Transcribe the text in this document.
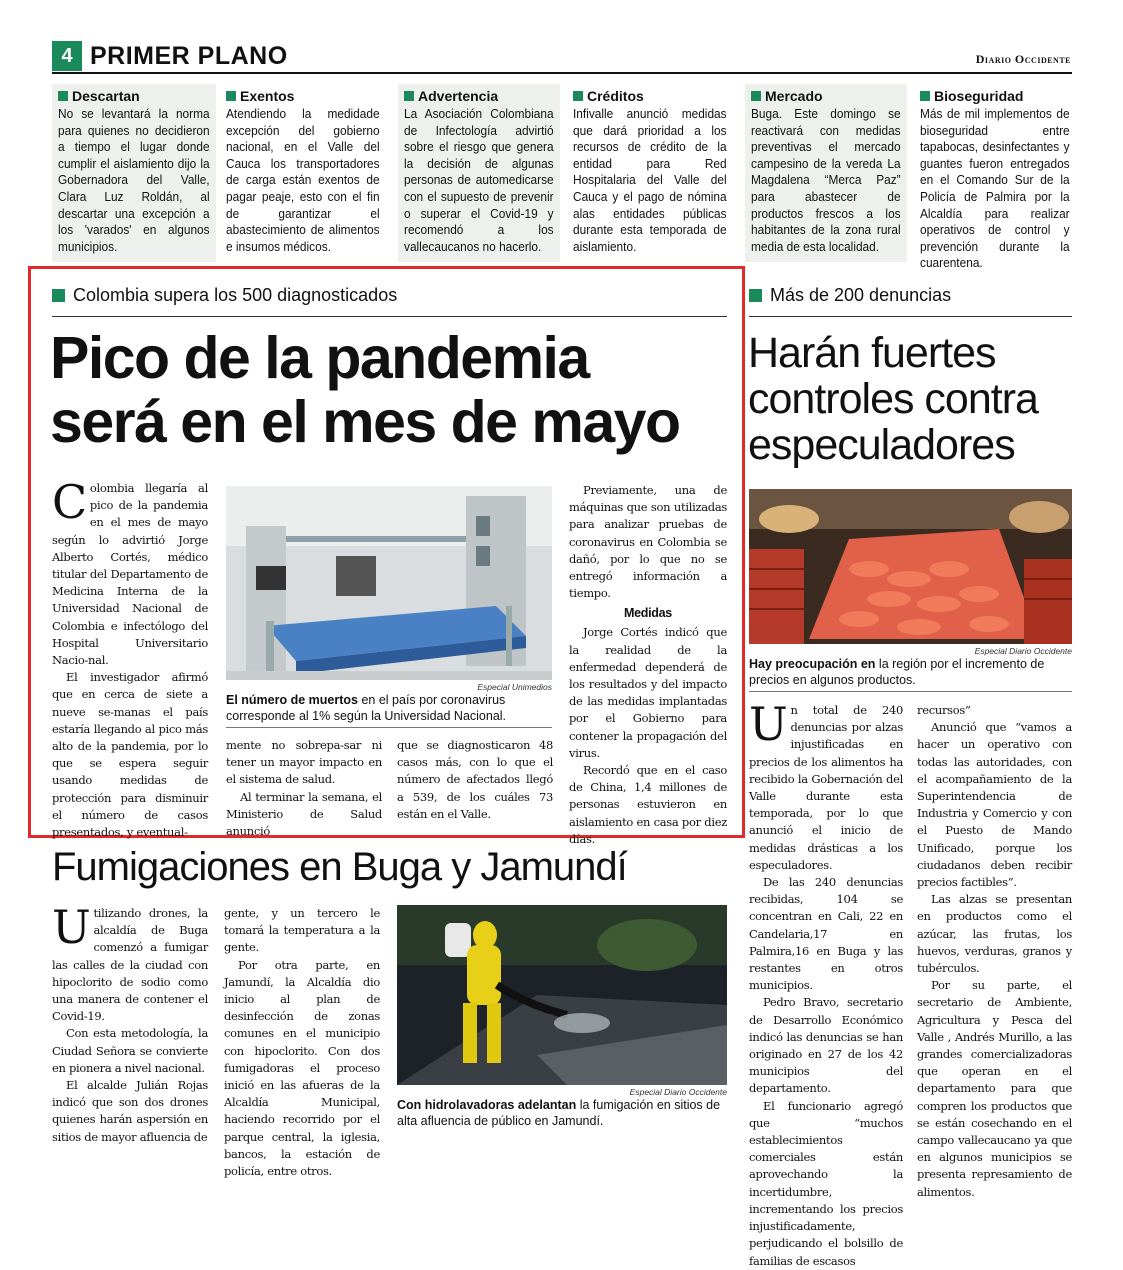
4 PRIMER PLANO	Diario Occidente
Descartan
No se levantará la norma para quienes no decidieron a tiempo el lugar donde cumplir el aislamiento dijo la Gobernadora del Valle, Clara Luz Roldán, al descartar una excepción a los 'varados' en algunos municipios.
Exentos
Atendiendo la medidade excepción del gobierno nacional, en el Valle del Cauca los transportadores de carga están exentos de pagar peaje, esto con el fin de garantizar el abastecimiento de alimentos e insumos médicos.
Advertencia
La Asociación Colombiana de Infectología advirtió sobre el riesgo que genera la decisión de algunas personas de automedicarse con el supuesto de prevenir o superar el Covid-19 y recomendó a los vallecaucanos no hacerlo.
Créditos
Infivalle anunció medidas que dará prioridad a los recursos de crédito de la entidad para Red Hospitalaria del Valle del Cauca y el pago de nómina alas entidades públicas durante esta temporada de aislamiento.
Mercado
Buga. Este domingo se reactivará con medidas preventivas el mercado campesino de la vereda La Magdalena “Merca Paz” para abastecer de productos frescos a los habitantes de la zona rural media de esta localidad.
Bioseguridad
Más de mil implementos de bioseguridad entre tapabocas, desinfectantes y guantes fueron entregados en el Comando Sur de la Policía de Palmira por la Alcaldía para realizar operativos de control y prevención durante la cuarentena.
Colombia supera los 500 diagnosticados
Pico de la pandemia
será en el mes de mayo

Colombia llegaría al pico de la pandemia en el mes de mayo según lo advirtió Jorge Alberto Cortés, médico titular del Departamento de Medicina Interna de la Universidad Nacional de Colombia e infectólogo del Hospital Universitario Nacio-nal.

El investigador afirmó que en cerca de siete a nueve se-manas el país estaría llegando al pico más alto de la pandemia, por lo que se espera seguir usando medidas de protección para disminuir el número de casos presentados, y eventual-

Especial Unimedios
El número de muertos en el país por coronavirus corresponde al 1% según la Universidad Nacional.

mente no sobrepa-sar ni tener un mayor impacto en el sistema de salud.

Al terminar la semana, el Ministerio de Salud anunció

que se diagnosticaron 48 casos más, con lo que el número de afectados llegó a 539, de los cuáles 73 están en el Valle.

Previamente, una de máquinas que son utilizadas para analizar pruebas de coronavirus en Colombia se dañó, por lo que no se entregó información a tiempo.

Medidas

Jorge Cortés indicó que la realidad de la enfermedad dependerá de los resultados y del impacto de las medidas implantadas por el Gobierno para contener la propagación del virus.

Recordó que en el caso de China, 1,4 millones de personas estuvieron en aislamiento en casa por diez días.

Más de 200 denuncias
Harán fuertes
controles contra
especuladores
Especial Diario Occidente
Hay preocupación en la región por el incremento de precios en algunos productos.

Un total de 240 denuncias por alzas injustificadas en precios de los alimentos ha recibido la Gobernación del Valle durante esta temporada, por lo que anunció el inicio de medidas drásticas a los especuladores.

De las 240 denuncias recibidas, 104 se concentran en Cali, 22 en Candelaria,17 en Palmira,16 en Buga y las restantes en otros municipios.

Pedro Bravo, secretario de Desarrollo Económico indicó las denuncias se han originado en 27 de los 42 municipios del departamento.

El funcionario agregó que “muchos establecimientos comerciales están aprovechando la incertidumbre, incrementando los precios injustificadamente, perjudicando el bolsillo de familias de escasos

recursos”

Anunció que “vamos a hacer un operativo con todas las autoridades, con el acompañamiento de la Superintendencia de Industria y Comercio y con el Puesto de Mando Unificado, porque los ciudadanos deben recibir precios factibles”.

Las alzas se presentan en productos como el azúcar, las frutas, los huevos, verduras, granos y tubérculos.

Por su parte, el secretario de Ambiente, Agricultura y Pesca del Valle , Andrés Murillo, a las grandes comercializadoras que operan en el departamento para que compren los productos que se están cosechando en el campo vallecaucano ya que en algunos municipios se presenta represamiento de alimentos.

Fumigaciones en Buga y Jamundí

Utilizando drones, la alcaldía de Buga comenzó a fumigar las calles de la ciudad con hipoclorito de sodio como una manera de contener el Covid-19.

Con esta metodología, la Ciudad Señora se convierte en pionera a nivel nacional.

El alcalde Julián Rojas indicó que son dos drones quienes harán aspersión en sitios de mayor afluencia de

gente, y un tercero le tomará la temperatura a la gente.

Por otra parte, en Jamundí, la Alcaldía dio inicio al plan de desinfección de zonas comunes en el municipio con hipoclorito. Con dos fumigadoras el proceso inició en las afueras de la Alcaldía Municipal, haciendo recorrido por el parque central, la iglesia, bancos, la estación de policía, entre otros.

Especial Diario Occidente
Con hidrolavadoras adelantan la fumigación en sitios de alta afluencia de público en Jamundí.
